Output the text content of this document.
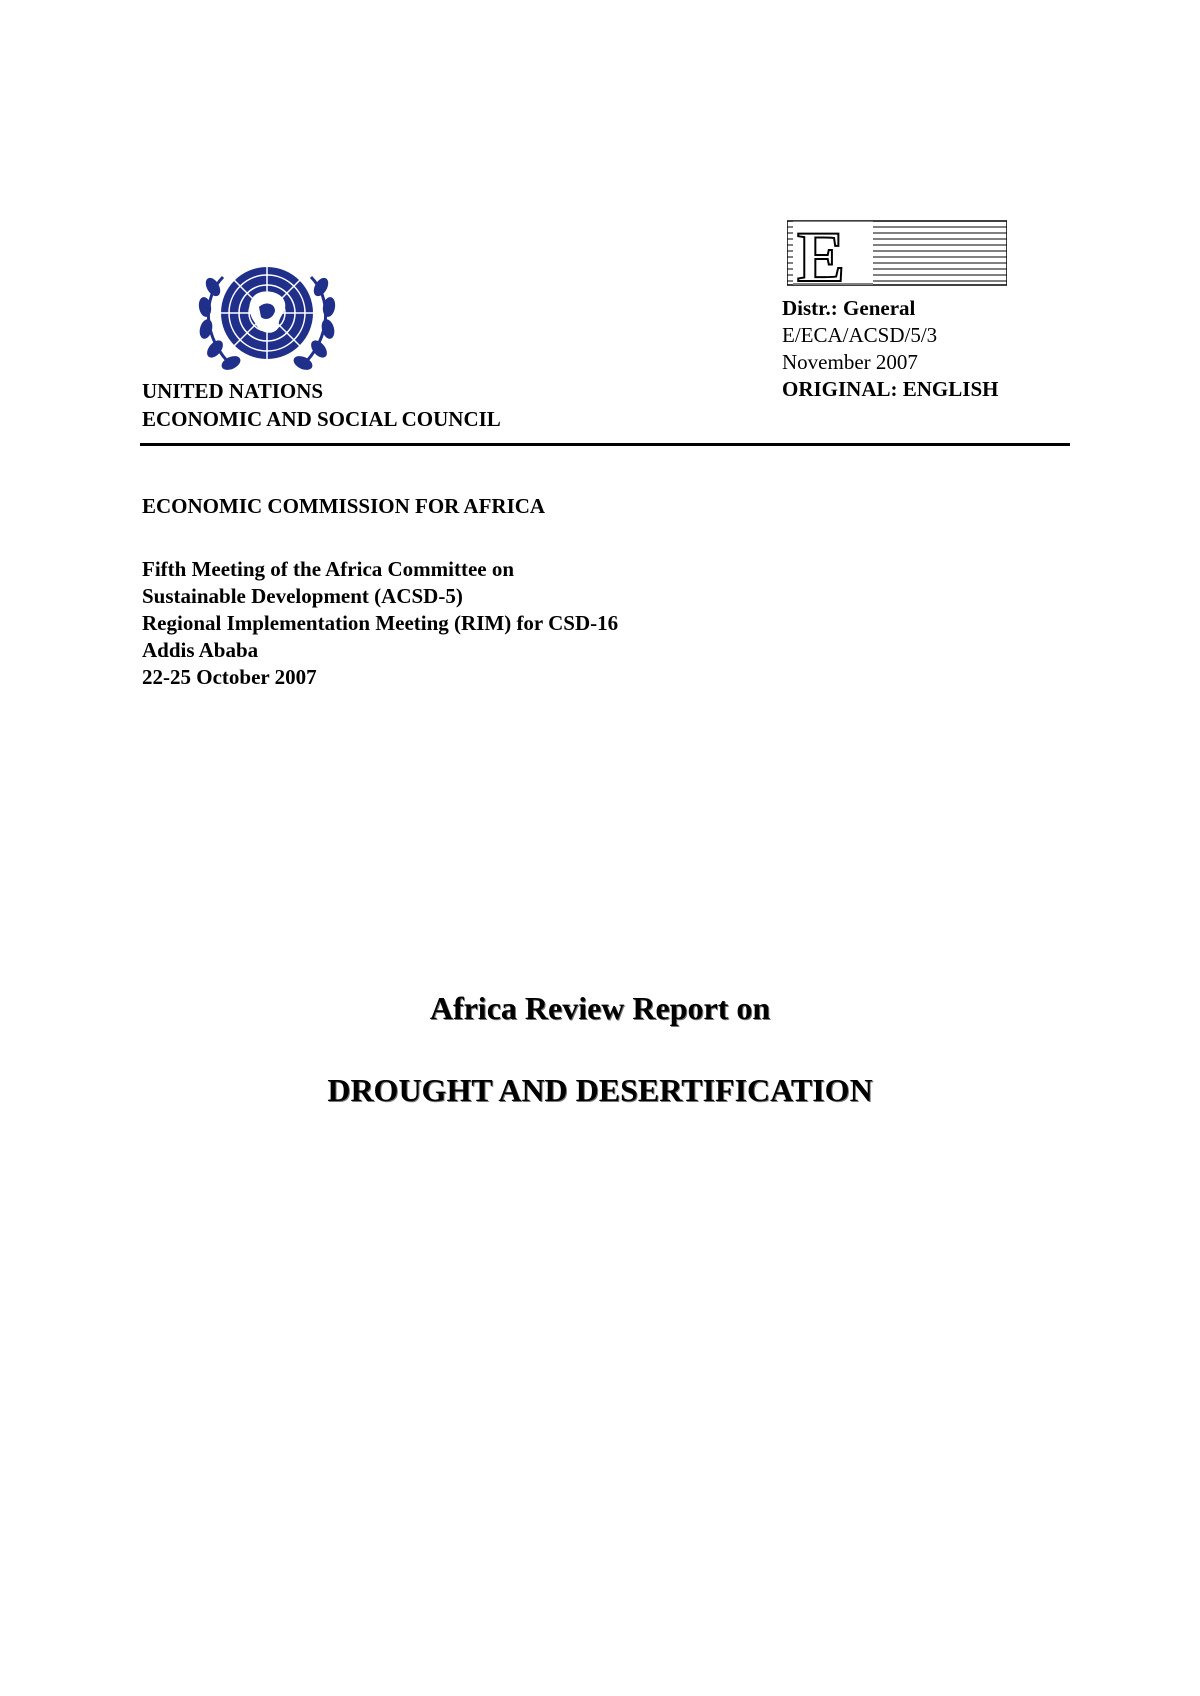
UNITED NATIONS
ECONOMIC AND SOCIAL COUNCIL
E
Distr.: General
E/ECA/ACSD/5/3
November 2007
ORIGINAL: ENGLISH
ECONOMIC COMMISSION FOR AFRICA
Fifth Meeting of the Africa Committee on
Sustainable Development (ACSD-5)
Regional Implementation Meeting (RIM) for CSD-16
Addis Ababa
22-25 October 2007
Africa Review Report on
DROUGHT AND DESERTIFICATION
